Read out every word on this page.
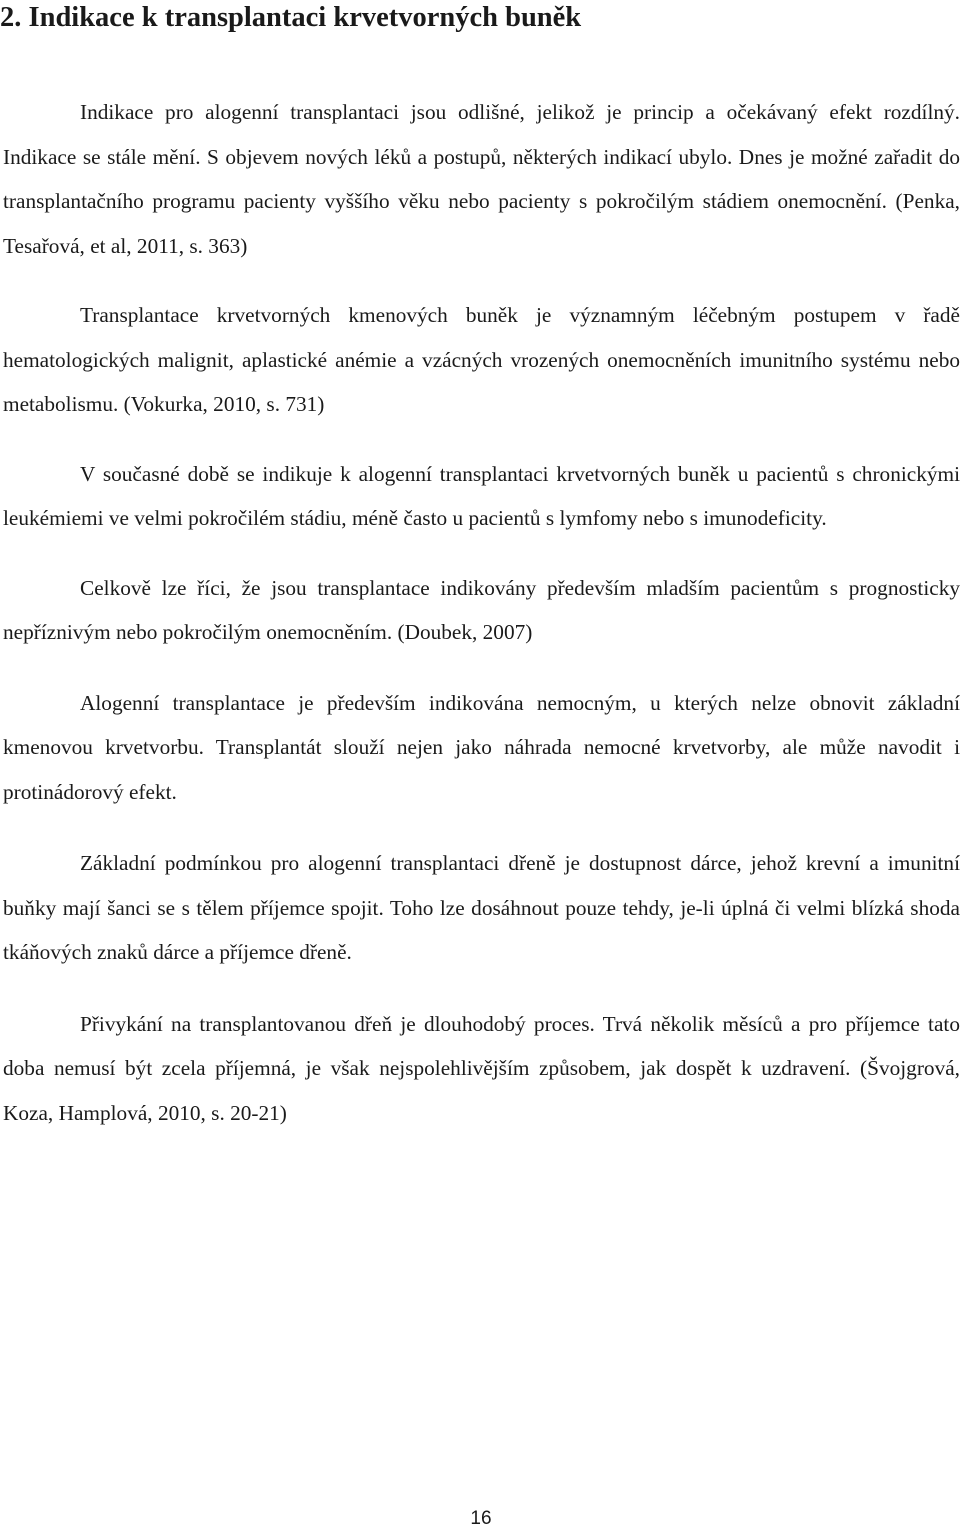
2. Indikace k transplantaci krvetvorných buněk

Indikace pro alogenní transplantaci jsou odlišné, jelikož je princip a očekávaný efekt rozdílný. Indikace se stále mění. S objevem nových léků a postupů, některých indikací ubylo. Dnes je možné zařadit do transplantačního programu pacienty vyššího věku nebo pacienty s pokročilým stádiem onemocnění. (Penka, Tesařová, et al, 2011, s. 363)

Transplantace krvetvorných kmenových buněk je významným léčebným postupem v řadě hematologických malignit, aplastické anémie a vzácných vrozených onemocněních imunitního systému nebo metabolismu. (Vokurka, 2010, s. 731)

V současné době se indikuje k alogenní transplantaci krvetvorných buněk u pacientů s chronickými leukémiemi ve velmi pokročilém stádiu, méně často u pacientů s lymfomy nebo s imunodeficity.

Celkově lze říci, že jsou transplantace indikovány především mladším pacientům s prognosticky nepříznivým nebo pokročilým onemocněním. (Doubek, 2007)

Alogenní transplantace je především indikována nemocným, u kterých nelze obnovit základní kmenovou krvetvorbu. Transplantát slouží nejen jako náhrada nemocné krvetvorby, ale může navodit i protinádorový efekt.

Základní podmínkou pro alogenní transplantaci dřeně je dostupnost dárce, jehož krevní a imunitní buňky mají šanci se s tělem příjemce spojit. Toho lze dosáhnout pouze tehdy, je-li úplná či velmi blízká shoda tkáňových znaků dárce a příjemce dřeně.

Přivykání na transplantovanou dřeň je dlouhodobý proces. Trvá několik měsíců a pro příjemce tato doba nemusí být zcela příjemná, je však nejspolehlivějším způsobem, jak dospět k uzdravení. (Švojgrová, Koza, Hamplová, 2010, s. 20-21)

16
